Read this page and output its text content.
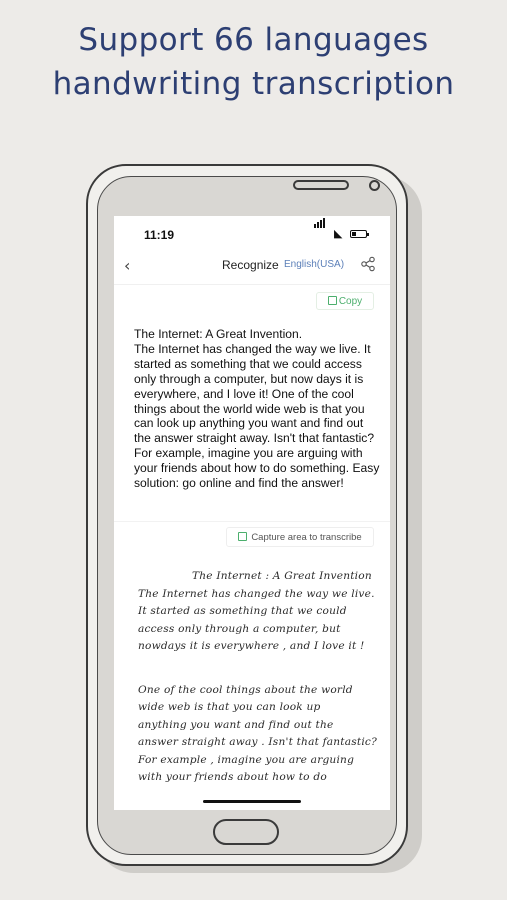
Support 66 languages
handwriting transcription
11:19	◣
‹	Recognize English(USA)
Copy

The Internet: A Great Invention.

The Internet has changed the way we live. It started as something that we could access only through a computer, but now days it is everywhere, and I love it! One of the cool things about the world wide web is that you can look up anything you want and find out the answer straight away. Isn't that fantastic? For example, imagine you are arguing with your friends about how to do something. Easy solution: go online and find the answer!

Capture area to transcribe
The Internet : A Great Invention
The Internet has changed the way we live.
It started as something that we could
access only through a computer, but
nowdays it is everywhere , and I love it !
One of the cool things about the world
wide web is that you can look up
anything you want and find out the
answer straight away . Isn't that fantastic?
For example , imagine you are arguing
with your friends about how to do
